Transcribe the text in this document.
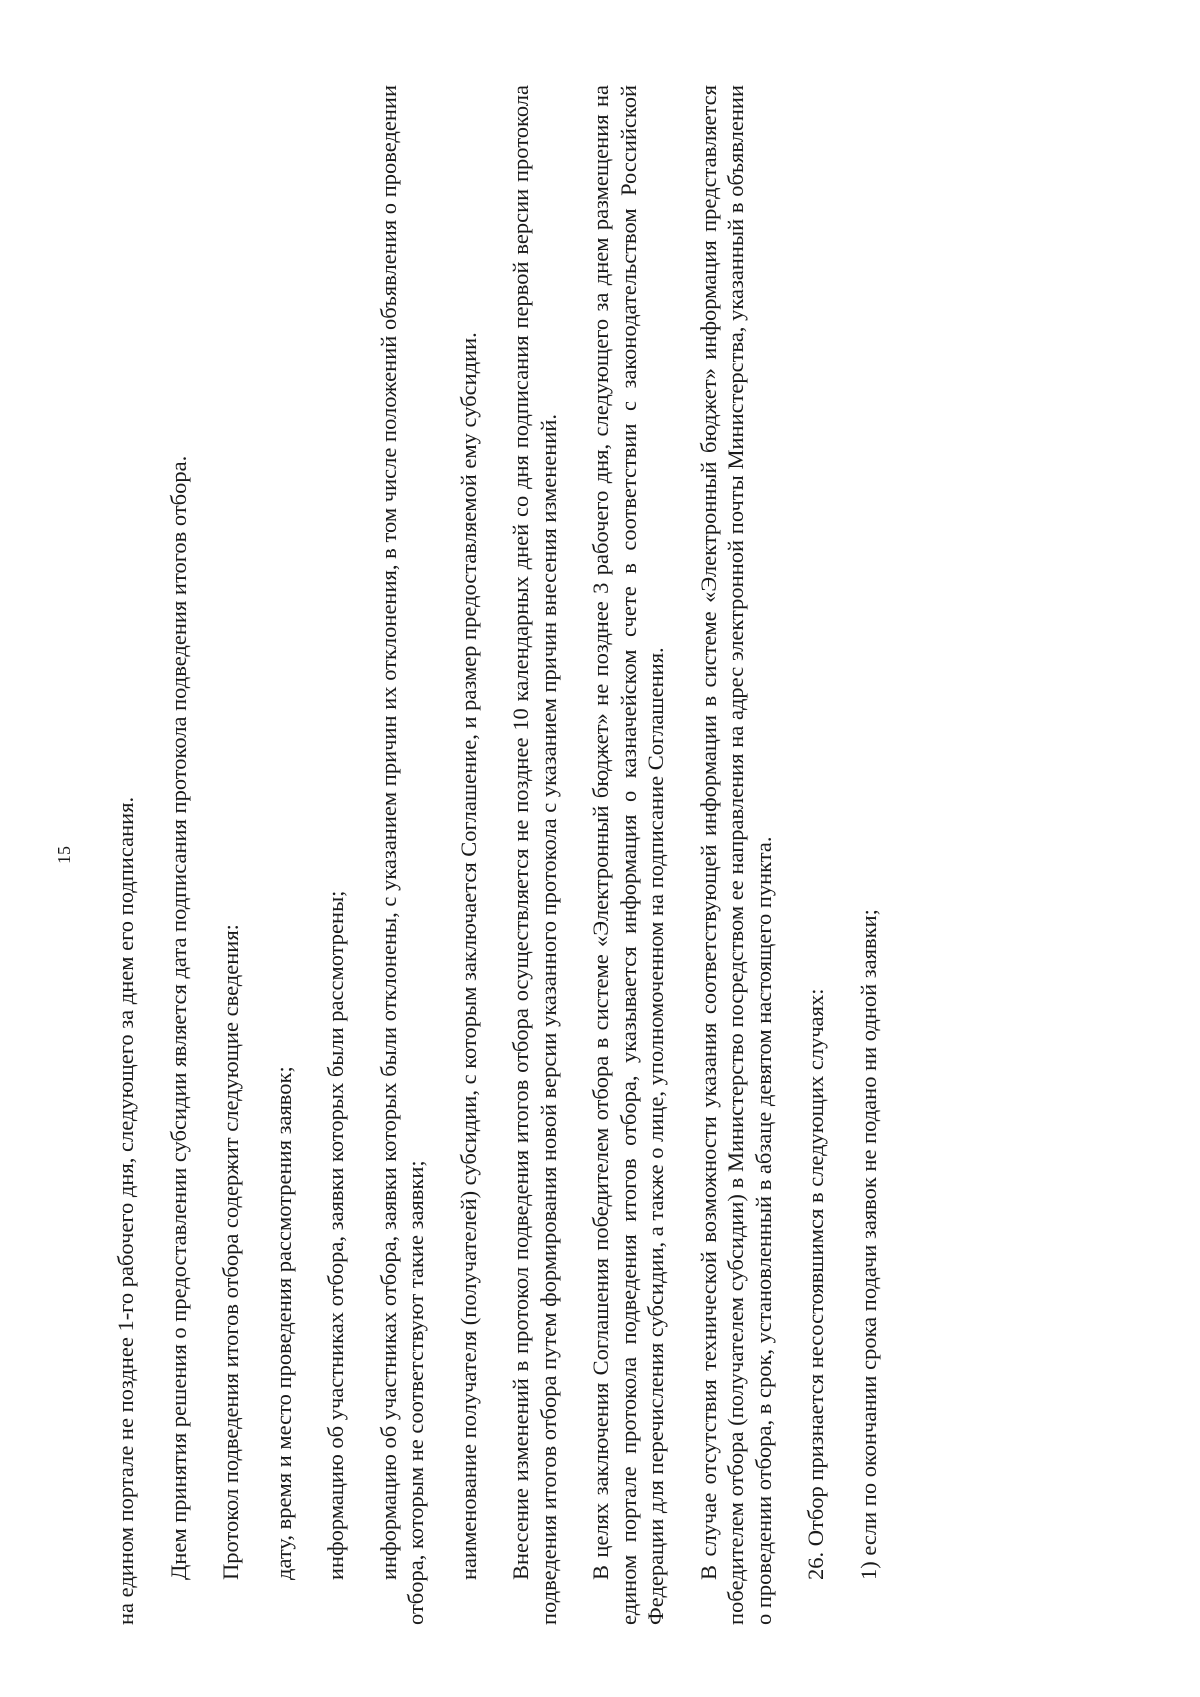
15 на едином портале не позднее 1-го рабочего дня, следующего за днем его подписания. Днем принятия решения о предоставлении субсидии является дата подписания протокола подведения итогов отбора. Протокол подведения итогов отбора содержит следующие сведения: дату, время и место проведения рассмотрения заявок; информацию об участниках отбора, заявки которых были рассмотрены; информацию об участниках отбора, заявки которых были отклонены, с указанием причин их отклонения, в том числе положений объявления о проведении отбора, которым не соответствуют такие заявки; наименование получателя (получателей) субсидии, с которым заключается Соглашение, и размер предоставляемой ему субсидии. Внесение изменений в протокол подведения итогов отбора осуществляется не позднее 10 календарных дней со дня подписания первой версии протокола подведения итогов отбора путем формирования новой версии указанного протокола с указанием причин внесения изменений. В целях заключения Соглашения победителем отбора в системе «Электронный бюджет» не позднее 3 рабочего дня, следующего за днем размещения на едином портале протокола подведения итогов отбора, указывается информация о казначейском счете в соответствии с законодательством Российской Федерации для перечисления субсидии, а также о лице, уполномоченном на подписание Соглашения. В случае отсутствия технической возможности указания соответствующей информации в системе «Электронный бюджет» информация представляется победителем отбора (получателем субсидии) в Министерство посредством ее направления на адрес электронной почты Министерства, указанный в объявлении о проведении отбора, в срок, установленный в абзаце девятом настоящего пункта. 26. Отбор признается несостоявшимся в следующих случаях: 1) если по окончании срока подачи заявок не подано ни одной заявки;
